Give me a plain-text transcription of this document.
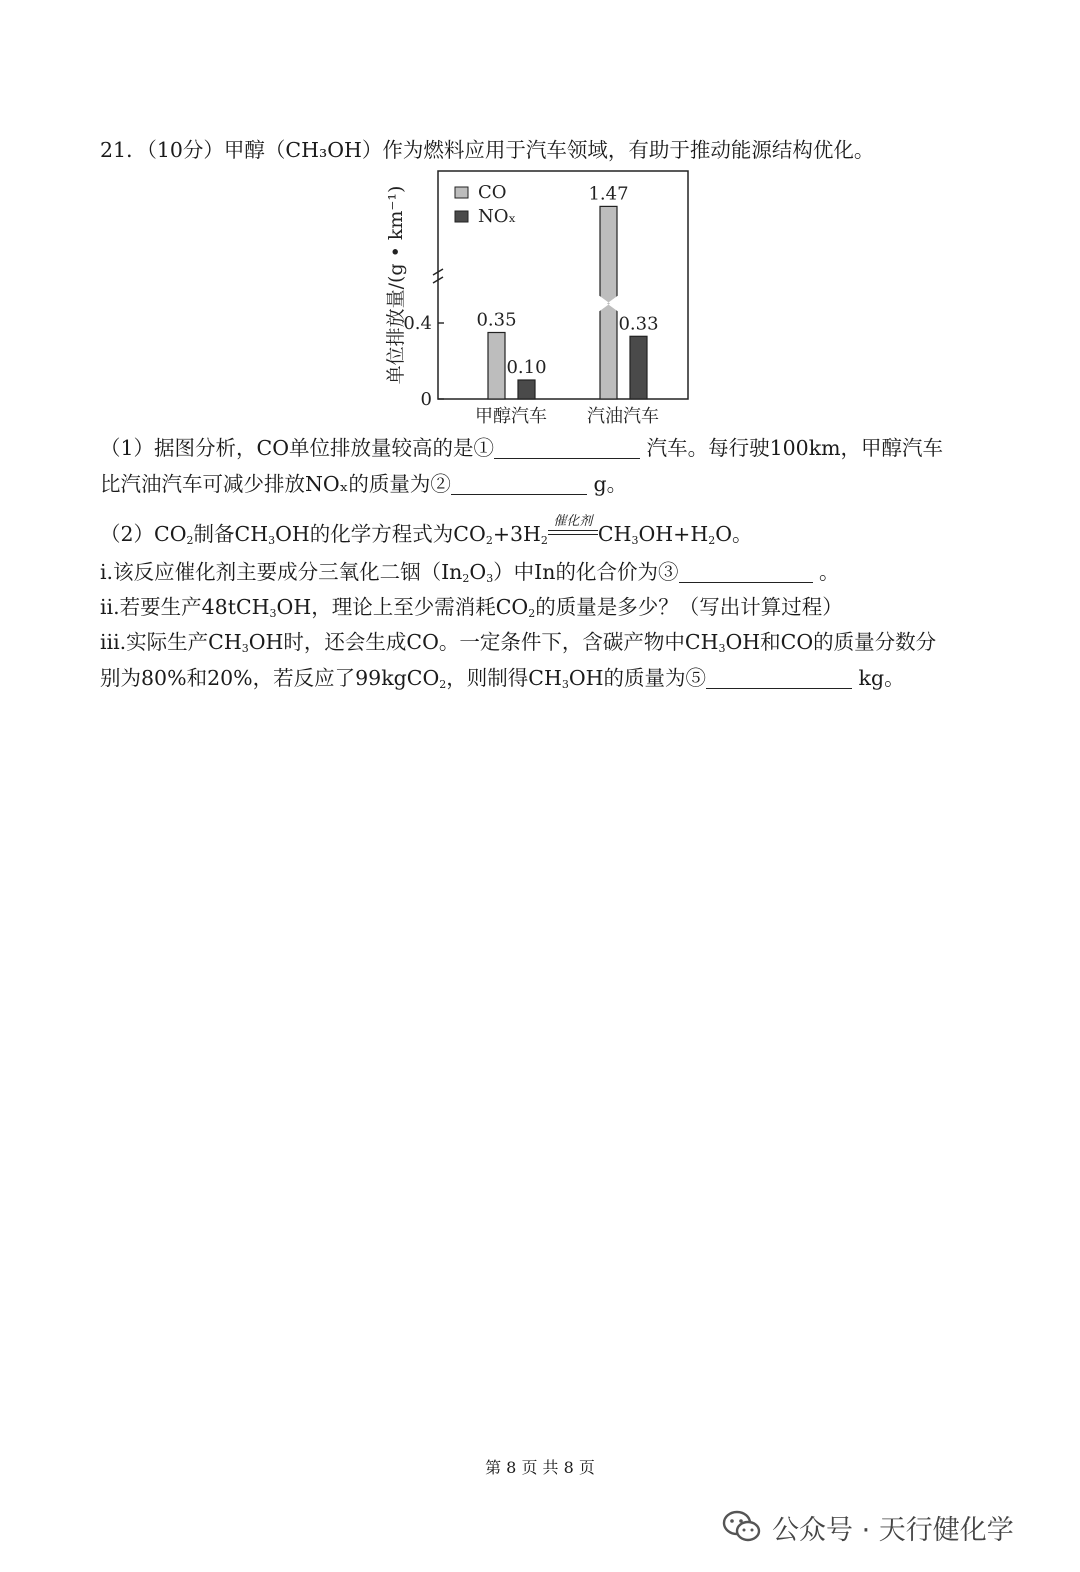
21．（10分）甲醇（CH₃OH）作为燃料应用于汽车领域，有助于推动能源结构优化。
0
0.4 0.35
0.10
甲醇汽车
1.47
0.33
汽油汽车
CO
NOₓ
单位排放量/(g • km⁻¹)
（1）据图分析，CO单位排放量较高的是①	汽车。每行驶100km，甲醇汽车
比汽油汽车可减少排放NOₓ的质量为②	g。
$(2)CO_2$制备$CH_3OH$的化学方程式为$CO_2+3H_2$
催化剂
$CH_3OH+H_2O$。
ⅰ.该反应催化剂主要成分三氧化二铟$(In_2O_3)$中In的化合价为③	。
ⅱ.若要生产48tCH$_3$OH，理论上至少需消耗$CO_2$的质量是多少？（写出计算过程）
ⅲ.实际生产$CH_3OH$时，还会生成CO。一定条件下，含碳产物中$CH_3OH$和CO的质量分数分
别为80%和20%，若反应了99kgCO$_2$，则制得$CH_3OH$的质量为⑤	kg。
第 8 页 共 8 页
公众号 · 天行健化学
